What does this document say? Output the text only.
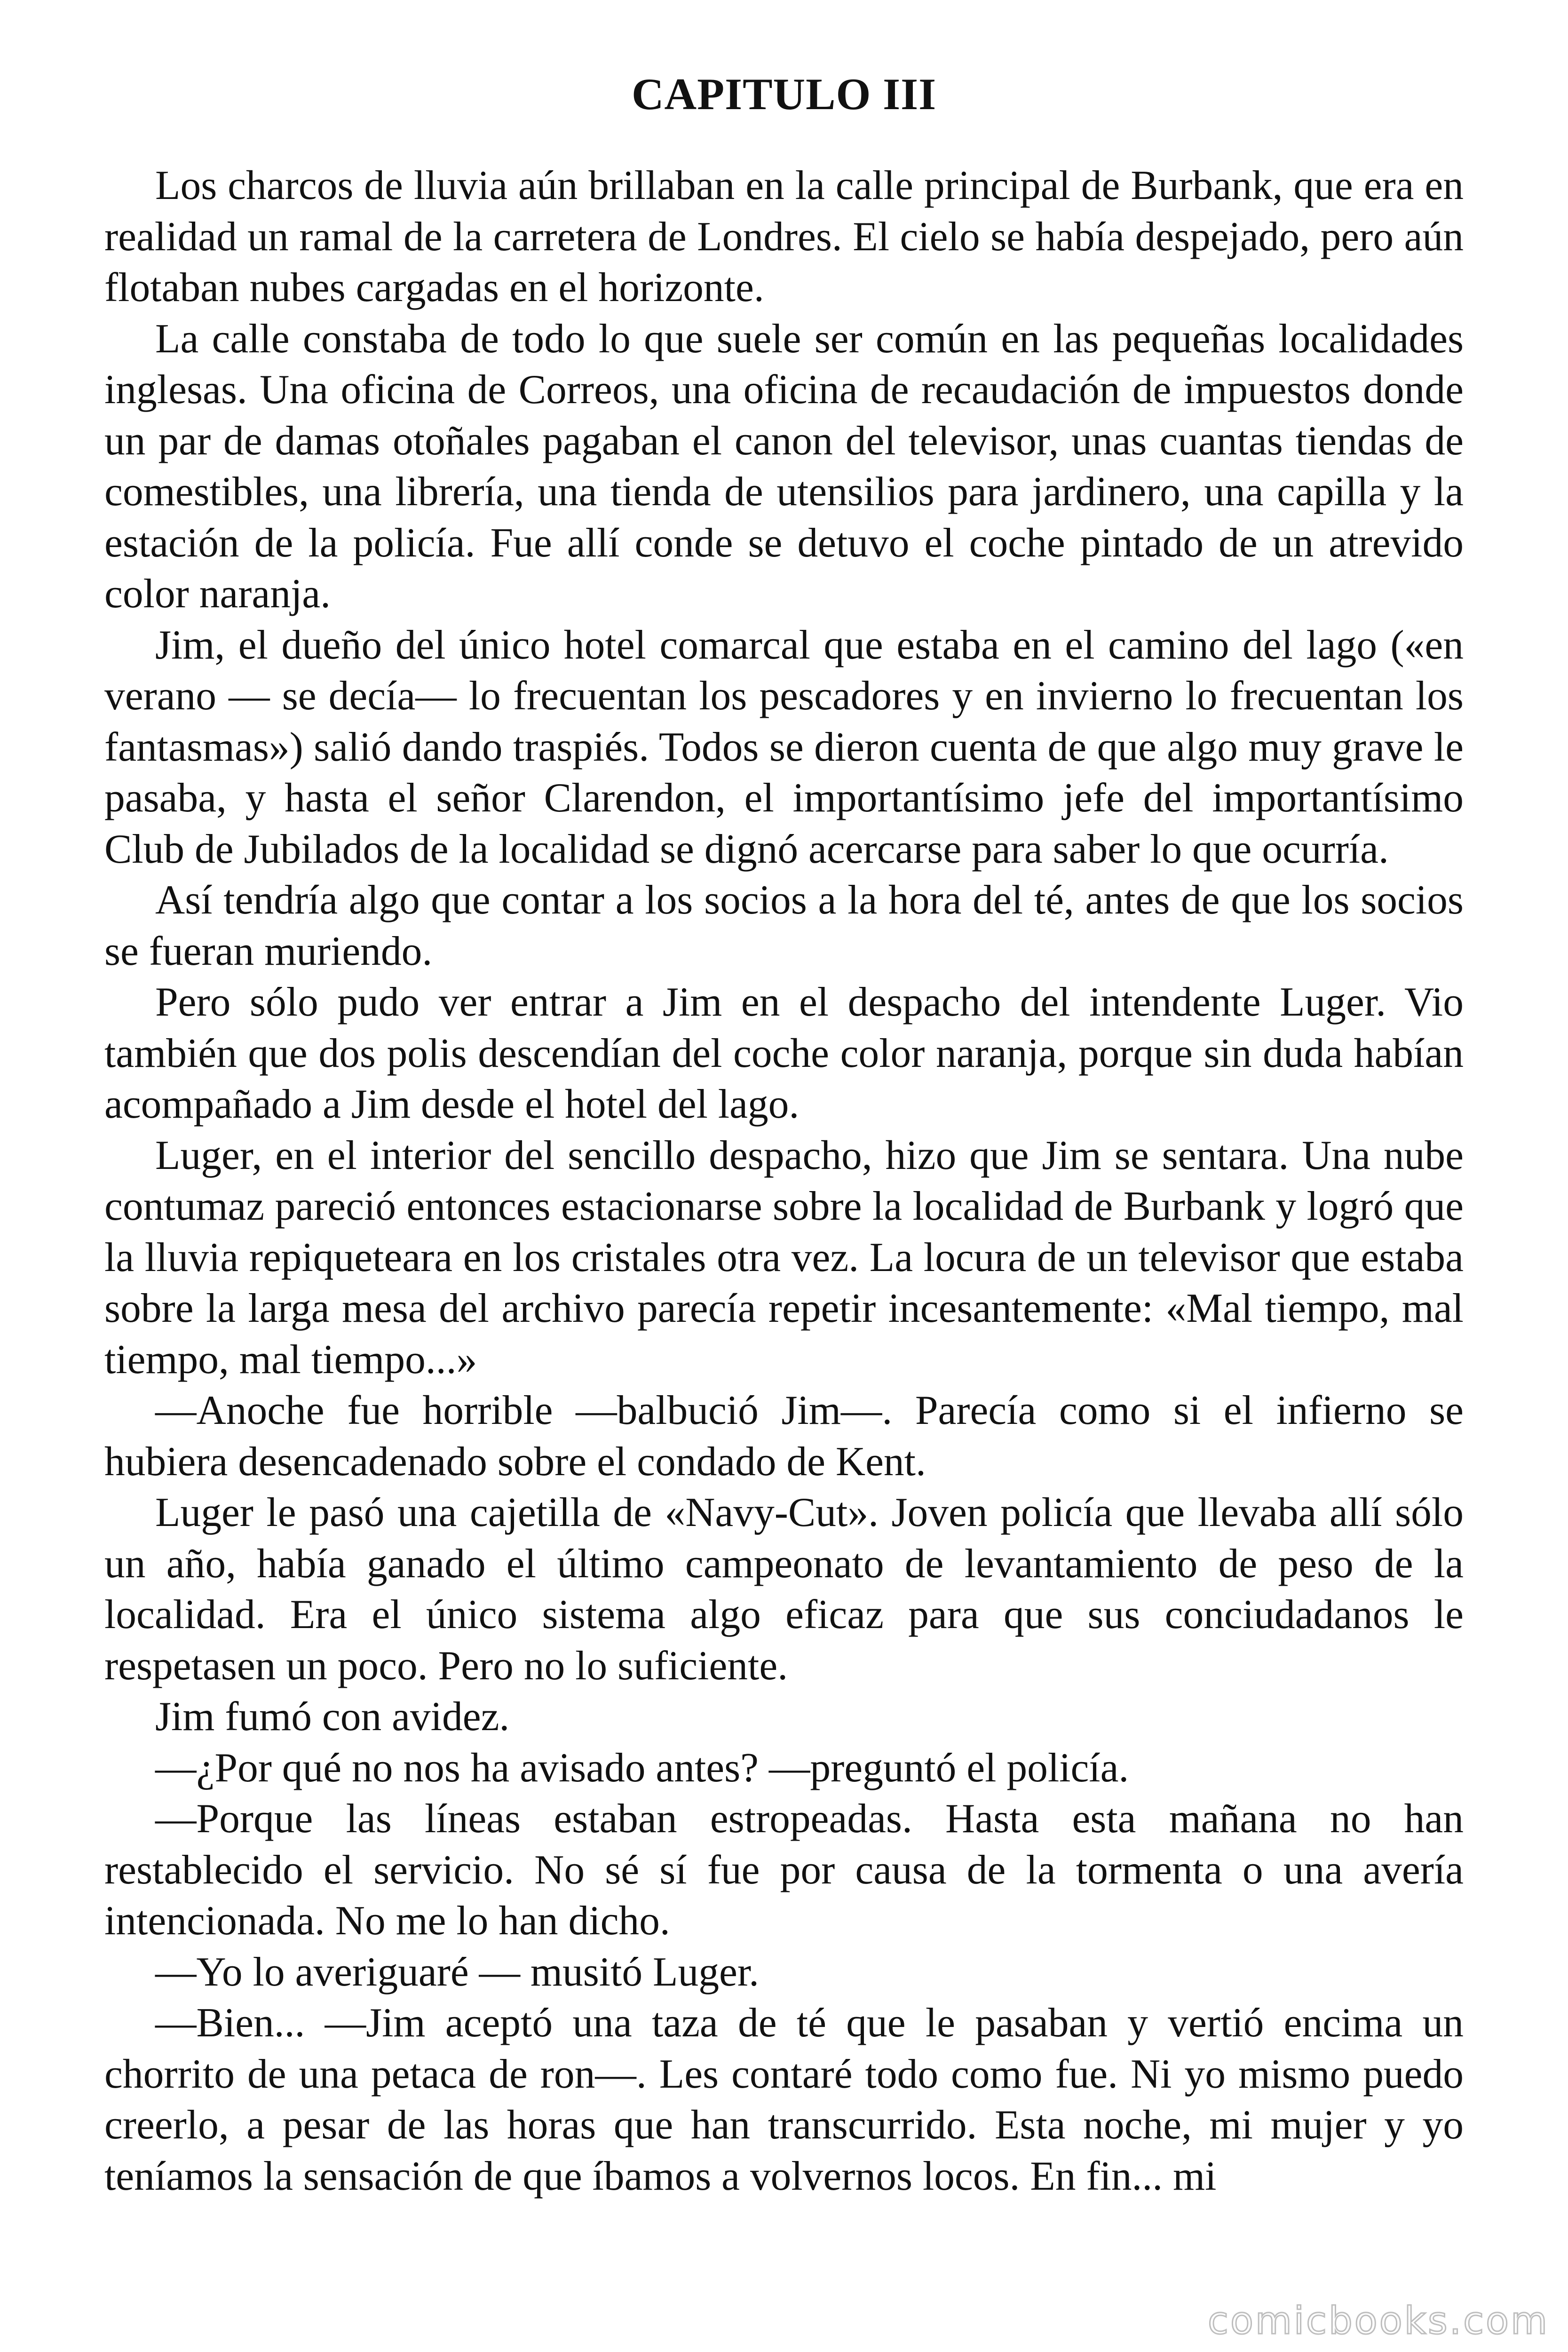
CAPITULO III

Los charcos de lluvia aún brillaban en la calle principal de Burbank, que era en realidad un ramal de la carretera de Londres. El cielo se había despejado, pero aún flotaban nubes cargadas en el horizonte.

La calle constaba de todo lo que suele ser común en las pequeñas localidades inglesas. Una oficina de Correos, una oficina de recaudación de impuestos donde un par de damas otoñales pagaban el canon del televisor, unas cuantas tiendas de comestibles, una librería, una tienda de utensilios para jardinero, una capilla y la estación de la policía. Fue allí conde se detuvo el coche pintado de un atrevido color naranja.

Jim, el dueño del único hotel comarcal que estaba en el camino del lago («en verano — se decía— lo frecuentan los pescadores y en invierno lo frecuentan los fantasmas») salió dando traspiés. Todos se dieron cuenta de que algo muy grave le pasaba, y hasta el señor Clarendon, el importantísimo jefe del importantísimo Club de Jubilados de la localidad se dignó acercarse para saber lo que ocurría.

Así tendría algo que contar a los socios a la hora del té, antes de que los socios se fueran muriendo.

Pero sólo pudo ver entrar a Jim en el despacho del intendente Luger. Vio también que dos polis descendían del coche color naranja, porque sin duda habían acompañado a Jim desde el hotel del lago.

Luger, en el interior del sencillo despacho, hizo que Jim se sentara. Una nube contumaz pareció entonces estacionarse sobre la localidad de Burbank y logró que la lluvia repiqueteara en los cristales otra vez. La locura de un televisor que estaba sobre la larga mesa del archivo parecía repetir incesantemente: «Mal tiempo, mal tiempo, mal tiempo...»

—Anoche fue horrible —balbució Jim—. Parecía como si el infierno se hubiera desencadenado sobre el condado de Kent.

Luger le pasó una cajetilla de «Navy-Cut». Joven policía que llevaba allí sólo un año, había ganado el último campeonato de levantamiento de peso de la localidad. Era el único sistema algo eficaz para que sus conciudadanos le respetasen un poco. Pero no lo suficiente.

Jim fumó con avidez.

—¿Por qué no nos ha avisado antes? —preguntó el policía.

—Porque las líneas estaban estropeadas. Hasta esta mañana no han restablecido el servicio. No sé sí fue por causa de la tormenta o una avería intencionada. No me lo han dicho.

—Yo lo averiguaré — musitó Luger.

—Bien... —Jim aceptó una taza de té que le pasaban y vertió encima un chorrito de una petaca de ron—. Les contaré todo como fue. Ni yo mismo puedo creerlo, a pesar de las horas que han transcurrido. Esta noche, mi mujer y yo teníamos la sensación de que íbamos a volvernos locos. En fin... mi

comicbooks.com
